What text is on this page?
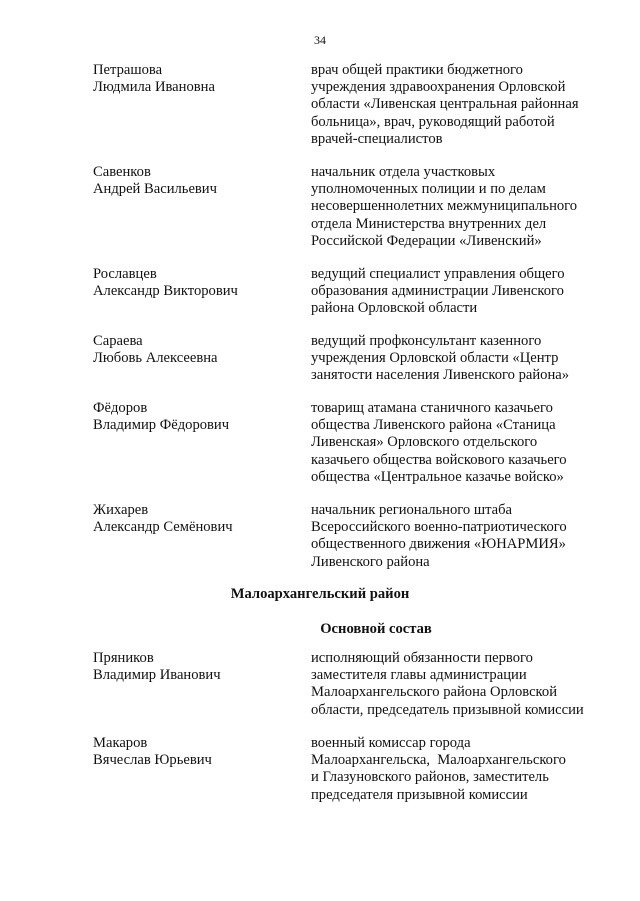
34
Петрашова
Людмила Ивановна
врач общей практики бюджетного
учреждения здравоохранения Орловской
области «Ливенская центральная районная
больница», врач, руководящий работой
врачей-специалистов
Савенков
Андрей Васильевич
начальник отдела участковых
уполномоченных полиции и по делам
несовершеннолетних межмуниципального
отдела Министерства внутренних дел
Российской Федерации «Ливенский»
Рославцев
Александр Викторович
ведущий специалист управления общего
образования администрации Ливенского
района Орловской области
Сараева
Любовь Алексеевна
ведущий профконсультант казенного
учреждения Орловской области «Центр
занятости населения Ливенского района»
Фёдоров
Владимир Фёдорович
товарищ атамана станичного казачьего
общества Ливенского района «Станица
Ливенская» Орловского отдельского
казачьего общества войскового казачьего
общества «Центральное казачье войско»
Жихарев
Александр Семёнович
начальник регионального штаба
Всероссийского военно-патриотического
общественного движения «ЮНАРМИЯ»
Ливенского района
Малоархангельский район
Основной состав
Пряников
Владимир Иванович
исполняющий обязанности первого
заместителя главы администрации
Малоархангельского района Орловской
области, председатель призывной комиссии
Макаров
Вячеслав Юрьевич
военный комиссар города
Малоархангельска,  Малоархангельского
и Глазуновского районов, заместитель
председателя призывной комиссии
